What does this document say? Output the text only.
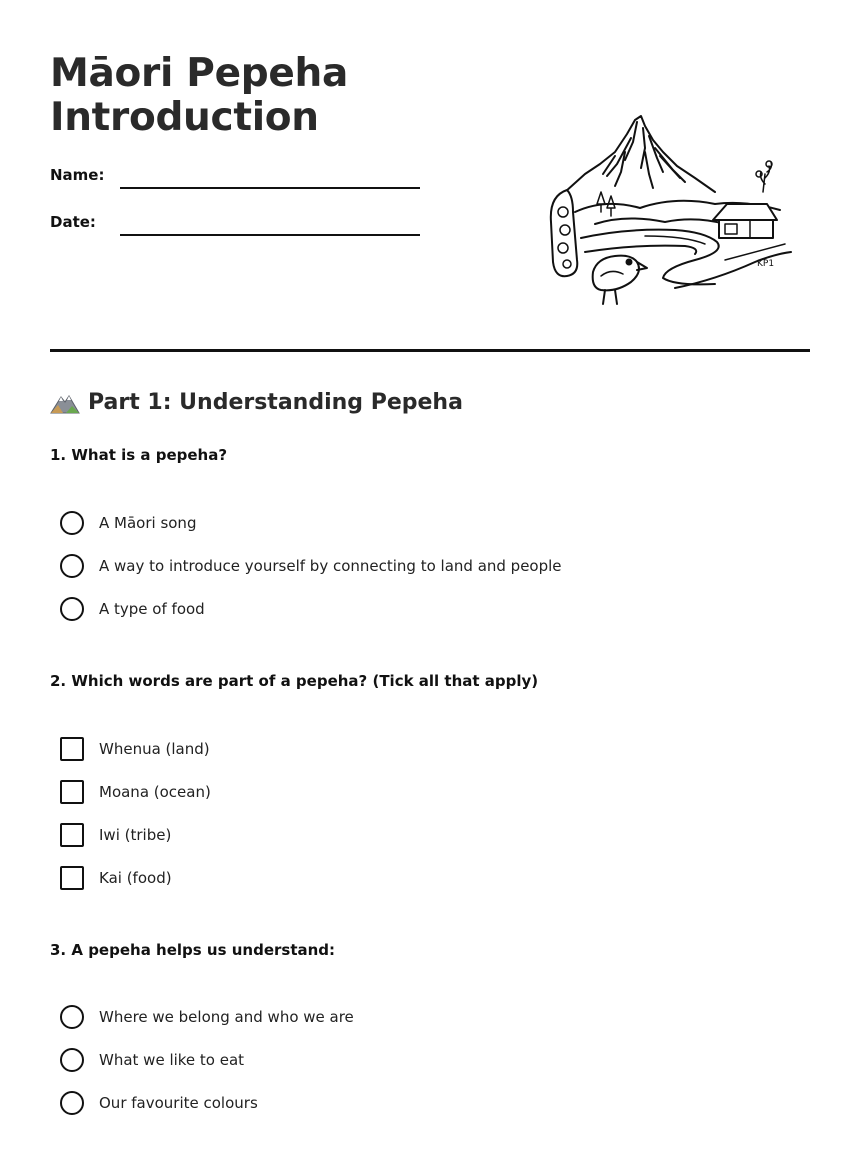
Māori Pepeha
Introduction
Name:
Date:
KP1
Part 1: Understanding Pepeha
1. What is a pepeha?
A Māori song
A way to introduce yourself by connecting to land and people
A type of food
2. Which words are part of a pepeha? (Tick all that apply)
Whenua (land)
Moana (ocean)
Iwi (tribe)
Kai (food)
3. A pepeha helps us understand:
Where we belong and who we are
What we like to eat
Our favourite colours
